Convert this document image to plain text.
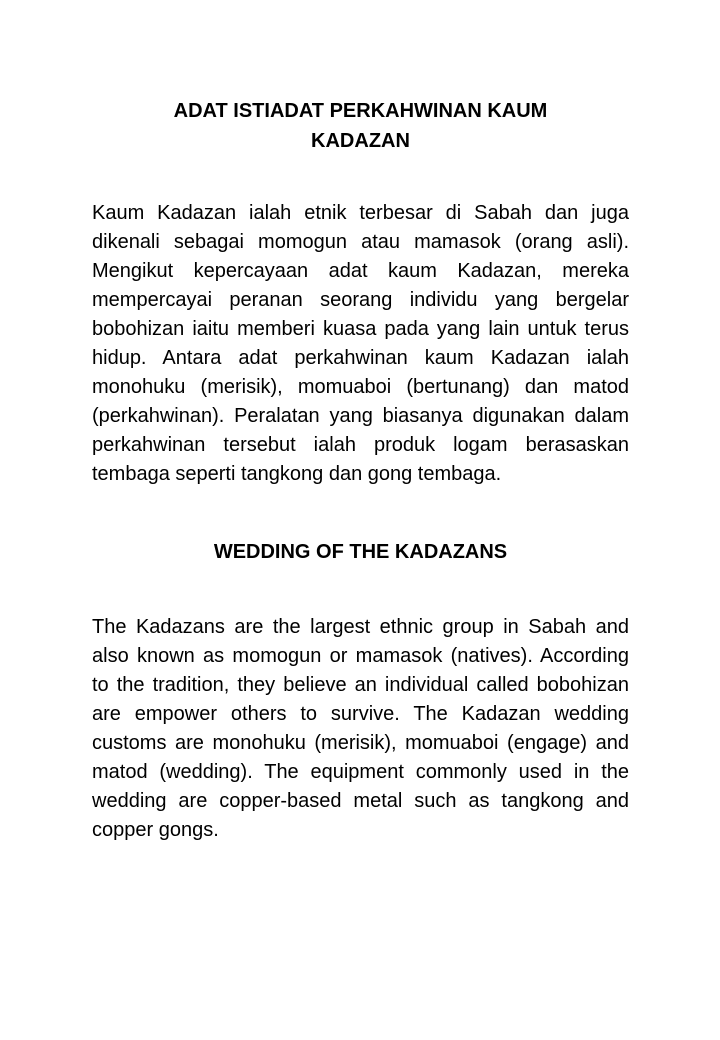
ADAT ISTIADAT PERKAHWINAN KAUM KADAZAN

Kaum Kadazan ialah etnik terbesar di Sabah dan juga dikenali sebagai momogun atau mamasok (orang asli). Mengikut kepercayaan adat kaum Kadazan, mereka mempercayai peranan seorang individu yang bergelar bobohizan iaitu memberi kuasa pada yang lain untuk terus hidup. Antara adat perkahwinan kaum Kadazan ialah monohuku (merisik), momuaboi (bertunang) dan matod (perkahwinan). Peralatan yang biasanya digunakan dalam perkahwinan tersebut ialah produk logam berasaskan tembaga seperti tangkong dan gong tembaga.

WEDDING OF THE KADAZANS

The Kadazans are the largest ethnic group in Sabah and also known as momogun or mamasok (natives). According to the tradition, they believe an individual called bobohizan are empower others to survive. The Kadazan wedding customs are monohuku (merisik), momuaboi (engage) and matod (wedding). The equipment commonly used in the wedding are copper-based metal such as tangkong and copper gongs.
